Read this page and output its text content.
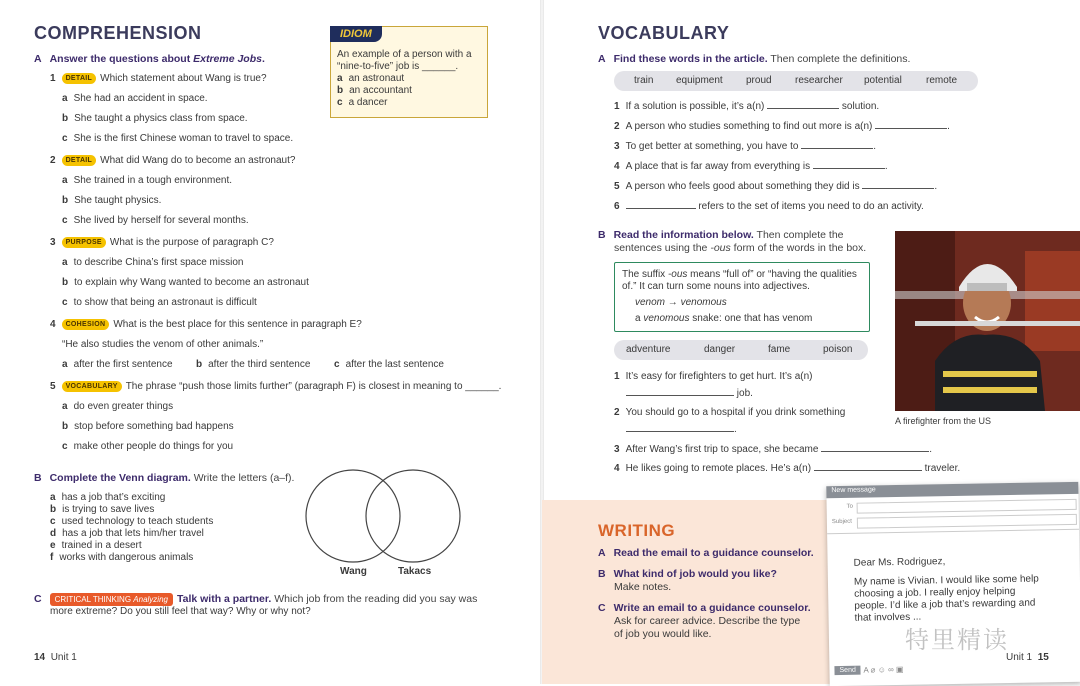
COMPREHENSION
A Answer the questions about Extreme Jobs.
1 DETAIL Which statement about Wang is true?
a She had an accident in space.
b She taught a physics class from space.
c She is the first Chinese woman to travel to space.
2 DETAIL What did Wang do to become an astronaut?
a She trained in a tough environment.
b She taught physics.
c She lived by herself for several months.
3 PURPOSE What is the purpose of paragraph C?
a to describe China’s first space mission
b to explain why Wang wanted to become an astronaut
c to show that being an astronaut is difficult
4 COHESION What is the best place for this sentence in paragraph E?
“He also studies the venom of other animals.”
a after the first sentence b after the third sentence c after the last sentence
5 VOCABULARY The phrase “push those limits further” (paragraph F) is closest in meaning to ______.
a do even greater things
b stop before something bad happens
c make other people do things for you
IDIOM
An example of a person with a
“nine-to-five” job is ______.
a an astronaut
b an accountant
c a dancer
B Complete the Venn diagram. Write the letters (a–f).
a has a job that’s exciting
b is trying to save lives
c used technology to teach students
d has a job that lets him/her travel
e trained in a desert
f works with dangerous animals
Wang	Takacs
C CRITICAL THINKING Analyzing Talk with a partner. Which job from the reading did you say was
more extreme? Do you still feel that way? Why or why not?
14 Unit 1
VOCABULARY
A Find these words in the article. Then complete the definitions.
train equipment proud researcher potential remote
1 If a solution is possible, it’s a(n)	solution.
2 A person who studies something to find out more is a(n)	.
3 To get better at something, you have to	.
4 A place that is far away from everything is	.
5 A person who feels good about something they did is	.
6	refers to the set of items you need to do an activity.
B Read the information below. Then complete the
sentences using the -ous form of the words in the box.
The suffix -ous means “full of” or “having the qualities
of.” It can turn some nouns into adjectives.
venom → venomous
a venomous snake: one that has venom
adventure	danger	fame	poison
1 It’s easy for firefighters to get hurt. It’s a(n)
job.
2 You should go to a hospital if you drink something
.
3 After Wang’s first trip to space, she became	.
4 He likes going to remote places. He’s a(n)	traveler.
A firefighter from the US
WRITING
A Read the email to a guidance counselor.
B What kind of job would you like?
Make notes.
C Write an email to a guidance counselor.
Ask for career advice. Describe the type
of job you would like.
New message
To
Subject
Dear Ms. Rodriguez,
My name is Vivian. I would like some help
choosing a job. I really enjoy helping
people. I’d like a job that’s rewarding and
that involves ...
Send A ⌀ ☺ ∞ ▣
特里精读
Unit 1 15
